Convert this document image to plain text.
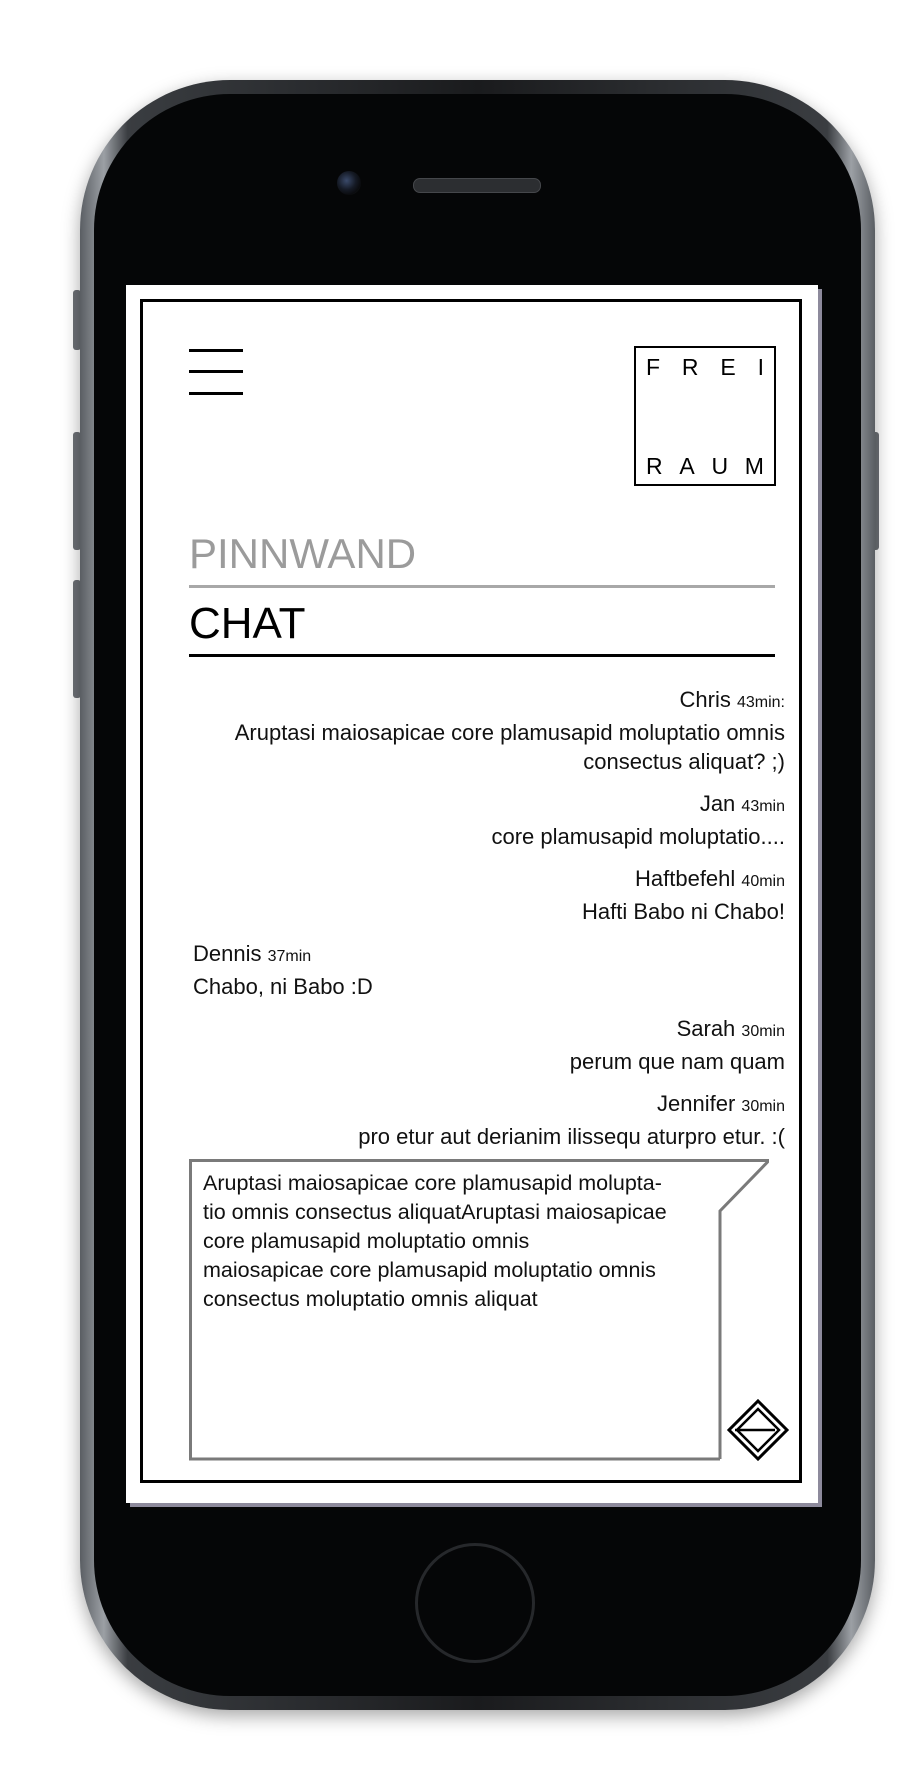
F R E I
R A U M
PINNWAND
CHAT
Chris 43min:
Aruptasi maiosapicae core plamusapid moluptatio omnis consectus aliquat? ;)
Jan 43min
core plamusapid moluptatio....
Haftbefehl 40min
Hafti Babo ni Chabo!
Dennis 37min
Chabo, ni Babo :D
Sarah 30min
perum que nam quam
Jennifer 30min
pro etur aut derianim ilissequ aturpro etur. :(
Aruptasi maiosapicae core plamusapid molupta-
tio omnis consectus aliquatAruptasi maiosapicae
core plamusapid moluptatio omnis
maiosapicae core plamusapid moluptatio omnis
consectus moluptatio omnis aliquat
